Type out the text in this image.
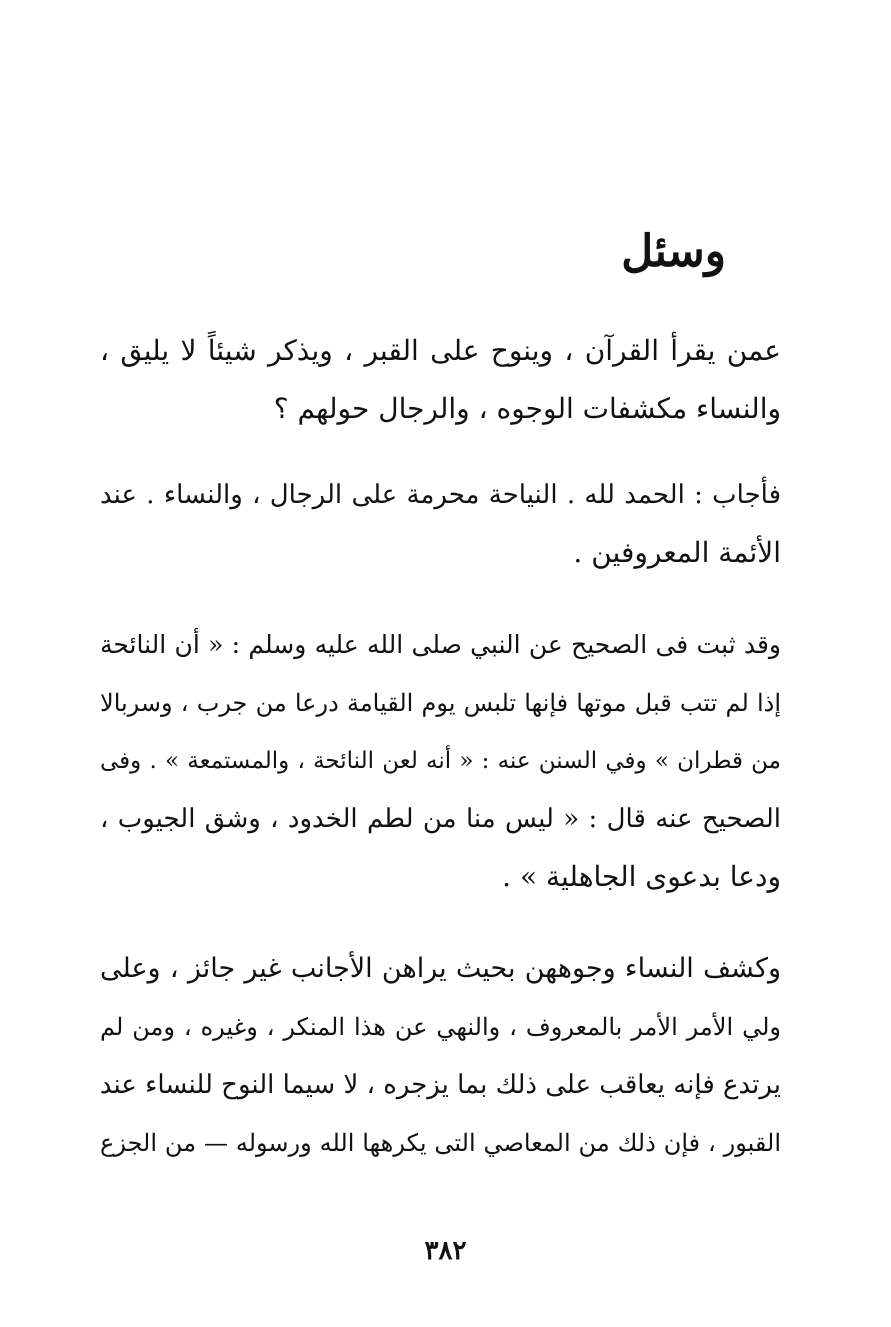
وسئل
عمن يقرأ القرآن ، وينوح على القبر ، ويذكر شيئاً لا يليق ،
والنساء مكشفات الوجوه ، والرجال حولهم ؟
فأجاب : الحمد لله . النياحة محرمة على الرجال ، والنساء . عند
الأئمة المعروفين .
وقد ثبت فى الصحيح عن النبي صلى الله عليه وسلم : « أن النائحة
إذا لم تتب قبل موتها فإنها تلبس يوم القيامة درعا من جرب ، وسربالا
من قطران » وفي السنن عنه : « أنه لعن النائحة ، والمستمعة » . وفى
الصحيح عنه قال : « ليس منا من لطم الخدود ، وشق الجيوب ،
ودعا بدعوى الجاهلية » .
وكشف النساء وجوههن بحيث يراهن الأجانب غير جائز ، وعلى
ولي الأمر الأمر بالمعروف ، والنهي عن هذا المنكر ، وغيره ، ومن لم
يرتدع فإنه يعاقب على ذلك بما يزجره ، لا سيما النوح للنساء عند
القبور ، فإن ذلك من المعاصي التى يكرهها الله ورسوله — من الجزع
٣٨٢
